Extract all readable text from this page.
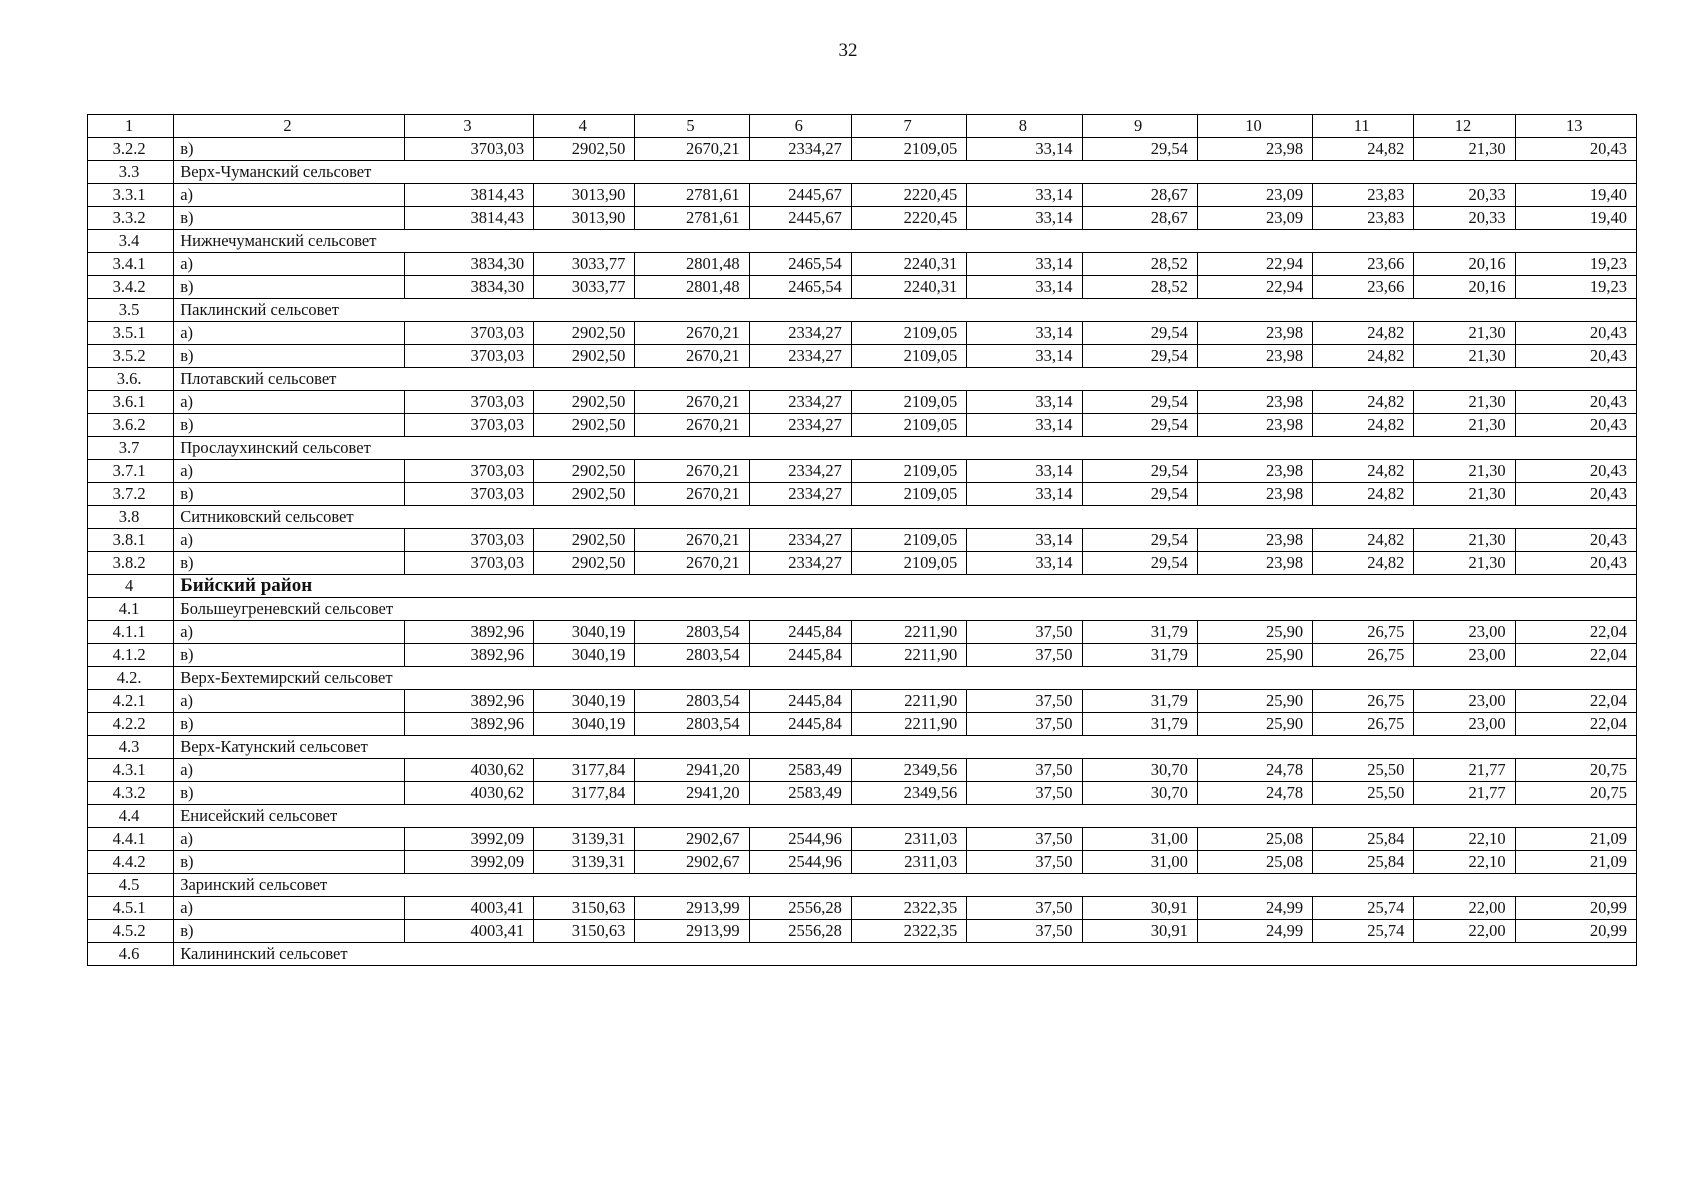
32
1	2	3	4	5	6	7	8	9	10	11	12	13
3.2.2	в)	3703,03	2902,50	2670,21	2334,27	2109,05	33,14	29,54	23,98	24,82	21,30	20,43
3.3	Верх-Чуманский сельсовет											

3.3.1	а)	3814,43	3013,90	2781,61	2445,67	2220,45	33,14	28,67	23,09	23,83	20,33	19,40
3.3.2	в)	3814,43	3013,90	2781,61	2445,67	2220,45	33,14	28,67	23,09	23,83	20,33	19,40
3.4	Нижнечуманский сельсовет											

3.4.1	а)	3834,30	3033,77	2801,48	2465,54	2240,31	33,14	28,52	22,94	23,66	20,16	19,23
3.4.2	в)	3834,30	3033,77	2801,48	2465,54	2240,31	33,14	28,52	22,94	23,66	20,16	19,23
3.5	Паклинский сельсовет											

3.5.1	а)	3703,03	2902,50	2670,21	2334,27	2109,05	33,14	29,54	23,98	24,82	21,30	20,43
3.5.2	в)	3703,03	2902,50	2670,21	2334,27	2109,05	33,14	29,54	23,98	24,82	21,30	20,43
3.6.	Плотавский сельсовет											

3.6.1	а)	3703,03	2902,50	2670,21	2334,27	2109,05	33,14	29,54	23,98	24,82	21,30	20,43
3.6.2	в)	3703,03	2902,50	2670,21	2334,27	2109,05	33,14	29,54	23,98	24,82	21,30	20,43
3.7	Прослаухинский сельсовет											

3.7.1	а)	3703,03	2902,50	2670,21	2334,27	2109,05	33,14	29,54	23,98	24,82	21,30	20,43
3.7.2	в)	3703,03	2902,50	2670,21	2334,27	2109,05	33,14	29,54	23,98	24,82	21,30	20,43
3.8	Ситниковский сельсовет											

3.8.1	а)	3703,03	2902,50	2670,21	2334,27	2109,05	33,14	29,54	23,98	24,82	21,30	20,43
3.8.2	в)	3703,03	2902,50	2670,21	2334,27	2109,05	33,14	29,54	23,98	24,82	21,30	20,43
4	Бийский район											

4.1	Большеугреневский сельсовет											

4.1.1	а)	3892,96	3040,19	2803,54	2445,84	2211,90	37,50	31,79	25,90	26,75	23,00	22,04
4.1.2	в)	3892,96	3040,19	2803,54	2445,84	2211,90	37,50	31,79	25,90	26,75	23,00	22,04
4.2.	Верх-Бехтемирский сельсовет											

4.2.1	а)	3892,96	3040,19	2803,54	2445,84	2211,90	37,50	31,79	25,90	26,75	23,00	22,04
4.2.2	в)	3892,96	3040,19	2803,54	2445,84	2211,90	37,50	31,79	25,90	26,75	23,00	22,04
4.3	Верх-Катунский сельсовет											

4.3.1	а)	4030,62	3177,84	2941,20	2583,49	2349,56	37,50	30,70	24,78	25,50	21,77	20,75
4.3.2	в)	4030,62	3177,84	2941,20	2583,49	2349,56	37,50	30,70	24,78	25,50	21,77	20,75
4.4	Енисейский сельсовет											

4.4.1	а)	3992,09	3139,31	2902,67	2544,96	2311,03	37,50	31,00	25,08	25,84	22,10	21,09
4.4.2	в)	3992,09	3139,31	2902,67	2544,96	2311,03	37,50	31,00	25,08	25,84	22,10	21,09
4.5	Заринский сельсовет											

4.5.1	а)	4003,41	3150,63	2913,99	2556,28	2322,35	37,50	30,91	24,99	25,74	22,00	20,99
4.5.2	в)	4003,41	3150,63	2913,99	2556,28	2322,35	37,50	30,91	24,99	25,74	22,00	20,99
4.6	Калининский сельсовет											
